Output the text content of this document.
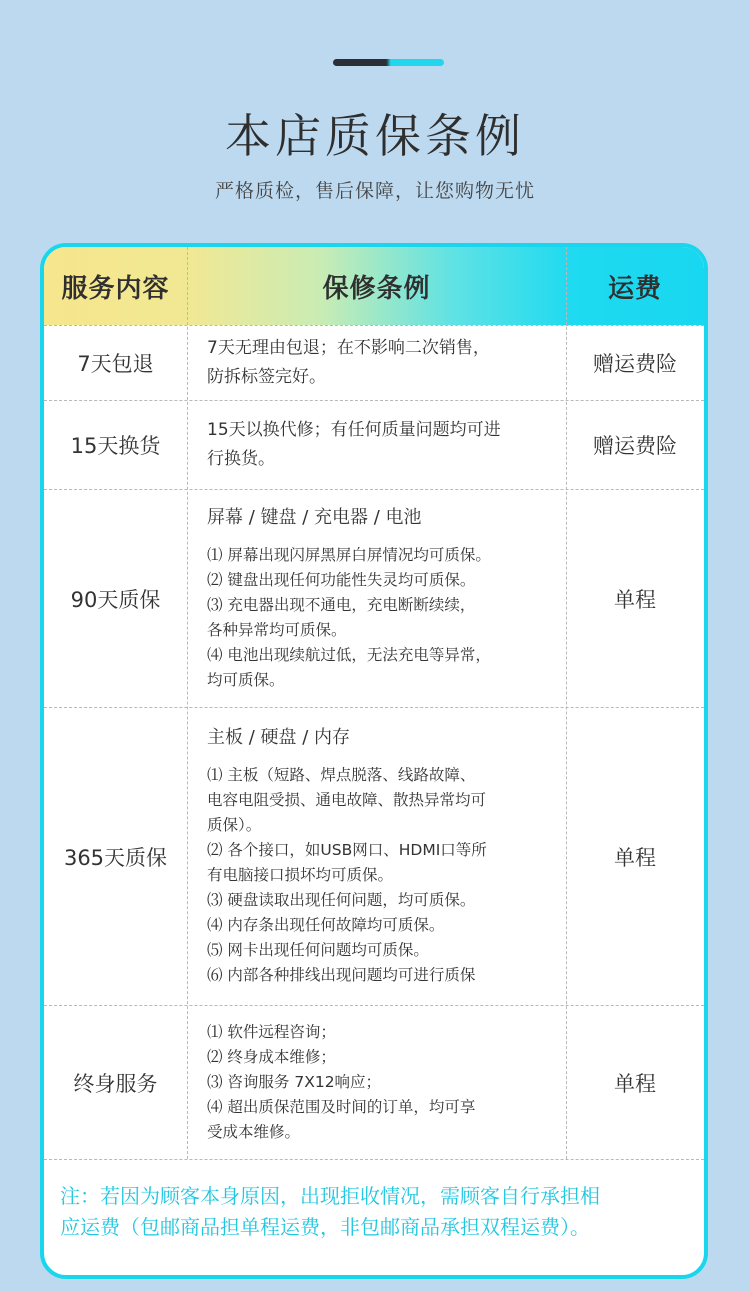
本店质保条例
严格质检，售后保障，让您购物无忧
服务内容	保修条例	运费
7天包退
7天无理由包退；在不影响二次销售，
防拆标签完好。
赠运费险
15天换货
15天以换代修；有任何质量问题均可进
行换货。
赠运费险
90天质保
屏幕 / 键盘 / 充电器 / 电池
⑴ 屏幕出现闪屏黑屏白屏情况均可质保。
⑵ 键盘出现任何功能性失灵均可质保。
⑶ 充电器出现不通电，充电断断续续，
各种异常均可质保。
⑷ 电池出现续航过低，无法充电等异常，
均可质保。
单程
365天质保
主板 / 硬盘 / 内存
⑴ 主板（短路、焊点脱落、线路故障、
电容电阻受损、通电故障、散热异常均可
质保）。
⑵ 各个接口，如USB网口、HDMI口等所
有电脑接口损坏均可质保。
⑶ 硬盘读取出现任何问题，均可质保。
⑷ 内存条出现任何故障均可质保。
⑸ 网卡出现任何问题均可质保。
⑹ 内部各种排线出现问题均可进行质保
单程
终身服务
⑴ 软件远程咨询；
⑵ 终身成本维修；
⑶ 咨询服务 7X12响应；
⑷ 超出质保范围及时间的订单，均可享
受成本维修。
单程
注：若因为顾客本身原因，出现拒收情况，需顾客自行承担相
应运费（包邮商品担单程运费，非包邮商品承担双程运费）。
